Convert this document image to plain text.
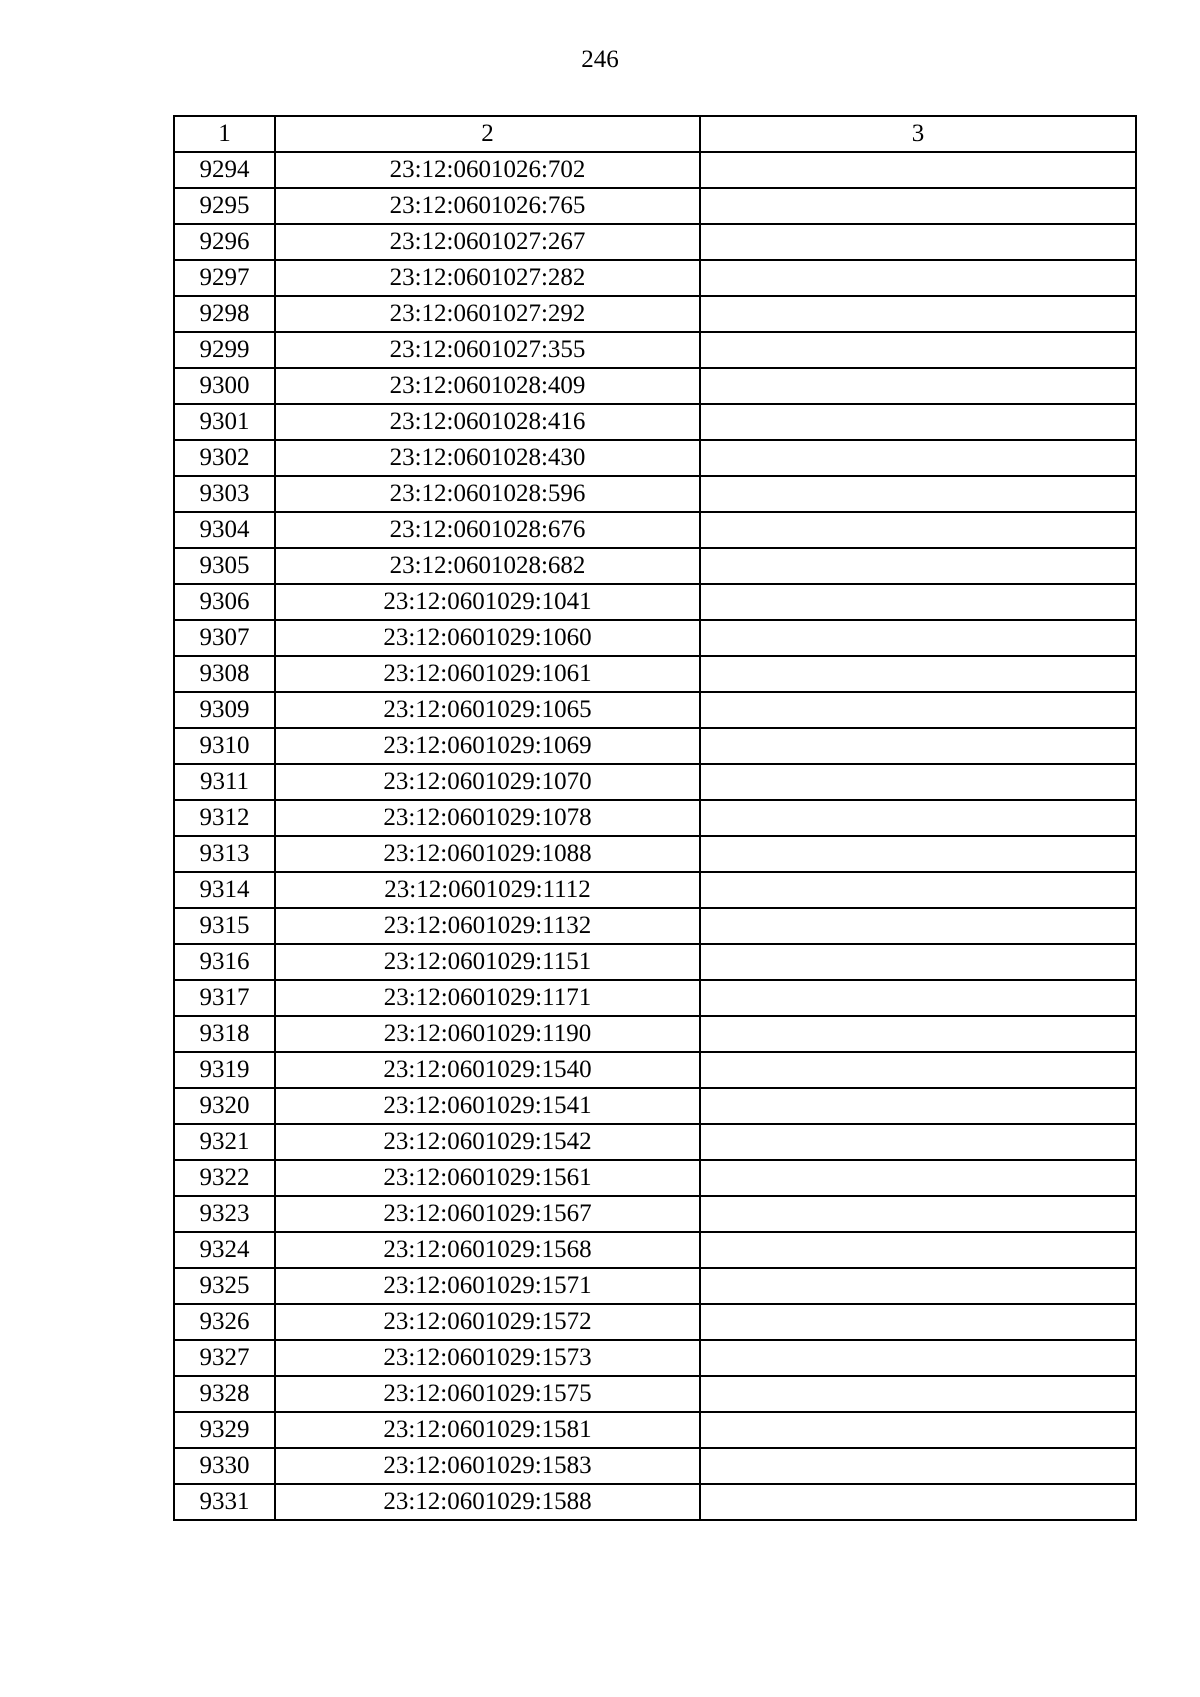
246
1	2	3
9294	23:12:0601026:702	
9295	23:12:0601026:765	
9296	23:12:0601027:267	
9297	23:12:0601027:282	
9298	23:12:0601027:292	
9299	23:12:0601027:355	
9300	23:12:0601028:409	
9301	23:12:0601028:416	
9302	23:12:0601028:430	
9303	23:12:0601028:596	
9304	23:12:0601028:676	
9305	23:12:0601028:682	
9306	23:12:0601029:1041	
9307	23:12:0601029:1060	
9308	23:12:0601029:1061	
9309	23:12:0601029:1065	
9310	23:12:0601029:1069	
9311	23:12:0601029:1070	
9312	23:12:0601029:1078	
9313	23:12:0601029:1088	
9314	23:12:0601029:1112	
9315	23:12:0601029:1132	
9316	23:12:0601029:1151	
9317	23:12:0601029:1171	
9318	23:12:0601029:1190	
9319	23:12:0601029:1540	
9320	23:12:0601029:1541	
9321	23:12:0601029:1542	
9322	23:12:0601029:1561	
9323	23:12:0601029:1567	
9324	23:12:0601029:1568	
9325	23:12:0601029:1571	
9326	23:12:0601029:1572	
9327	23:12:0601029:1573	
9328	23:12:0601029:1575	
9329	23:12:0601029:1581	
9330	23:12:0601029:1583	
9331	23:12:0601029:1588	
